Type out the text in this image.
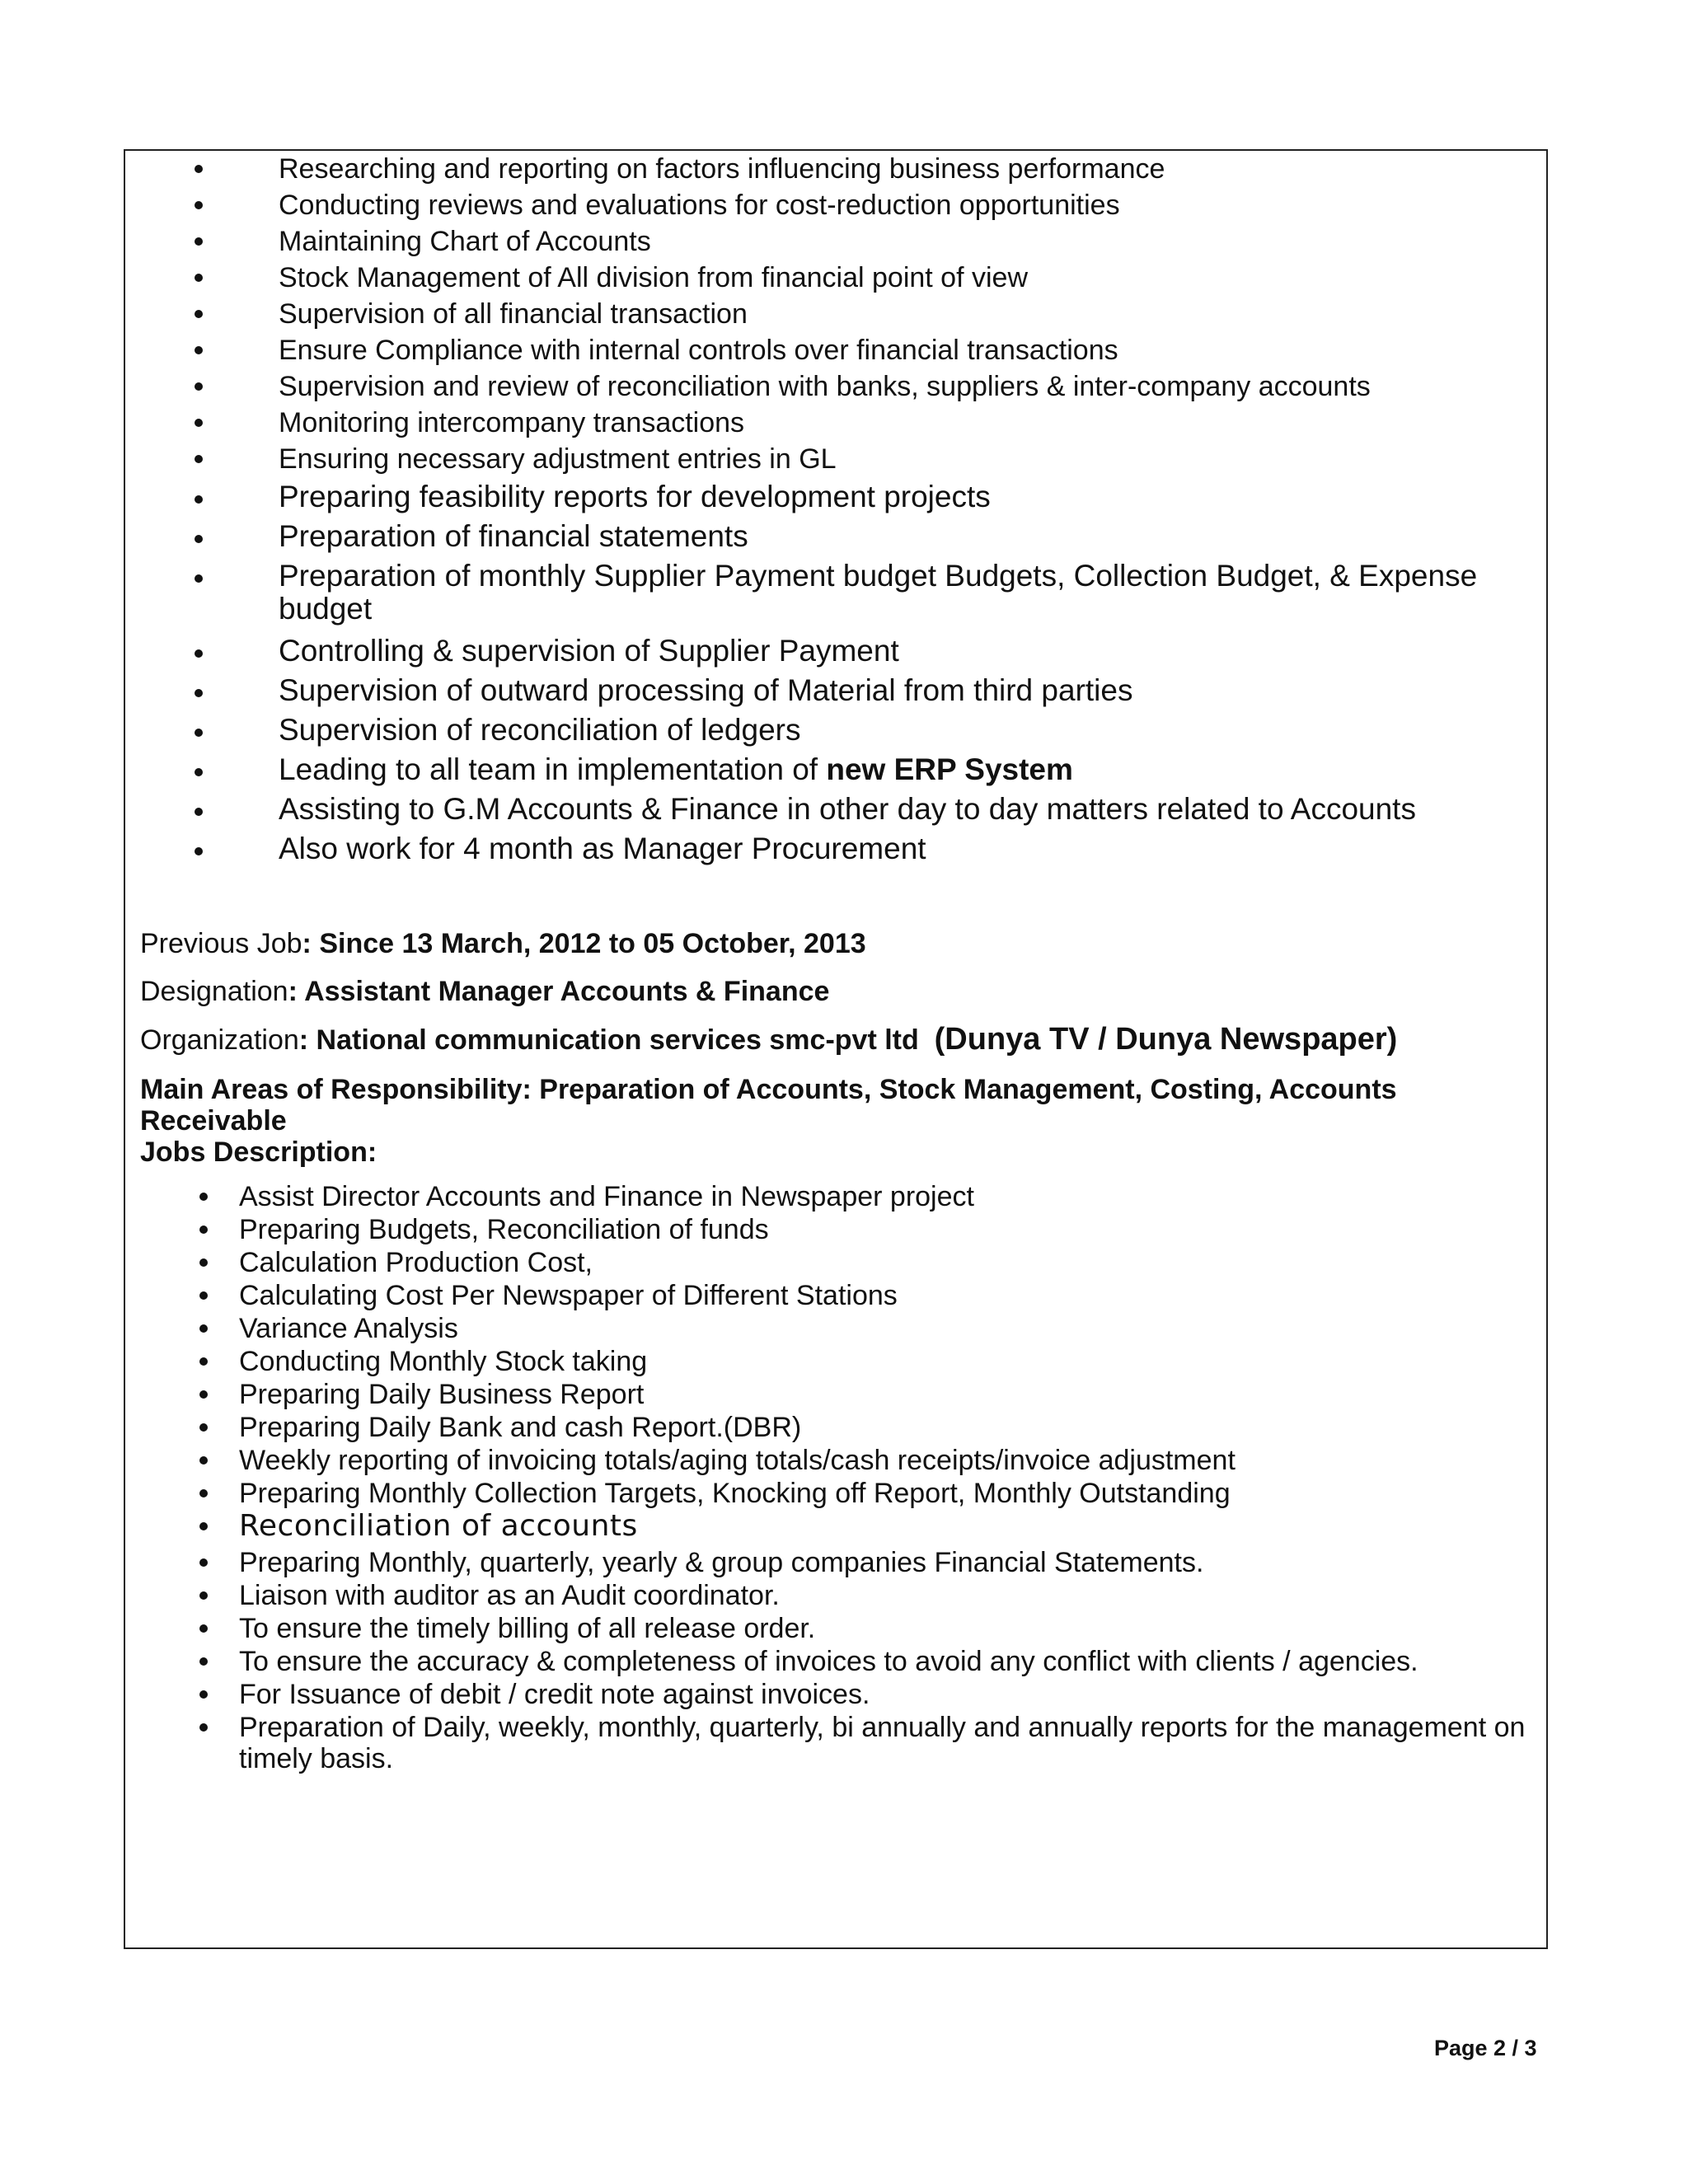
Researching and reporting on factors influencing business performance
Conducting reviews and evaluations for cost-reduction opportunities
Maintaining Chart of Accounts
Stock Management of All division from financial point of view
Supervision of all financial transaction
Ensure Compliance with internal controls over financial transactions
Supervision and review of reconciliation with banks, suppliers & inter-company accounts
Monitoring intercompany transactions
Ensuring necessary adjustment entries in GL
Preparing feasibility reports for development projects
Preparation of financial statements
Preparation of monthly Supplier Payment budget Budgets, Collection Budget, & Expense budget
Controlling & supervision of Supplier Payment
Supervision of outward processing of Material from third parties
Supervision of reconciliation of ledgers
Leading to all team in implementation of new ERP System
Assisting to G.M Accounts & Finance in other day to day matters related to Accounts
Also work for 4 month as Manager Procurement
Previous Job: Since 13 March, 2012 to 05 October, 2013
Designation: Assistant Manager Accounts & Finance
Organization: National communication services smc-pvt ltd (Dunya TV / Dunya Newspaper)
Main Areas of Responsibility: Preparation of Accounts, Stock Management, Costing, Accounts Receivable
Jobs Description:
Assist Director Accounts and Finance in Newspaper project
Preparing Budgets, Reconciliation of funds
Calculation Production Cost,
Calculating Cost Per Newspaper of Different Stations
Variance Analysis
Conducting Monthly Stock taking
Preparing Daily Business Report
Preparing Daily Bank and cash Report.(DBR)
Weekly reporting of invoicing totals/aging totals/cash receipts/invoice adjustment
Preparing Monthly Collection Targets, Knocking off Report, Monthly Outstanding
Reconciliation of accounts
Preparing Monthly, quarterly, yearly & group companies Financial Statements.
Liaison with auditor as an Audit coordinator.
To ensure the timely billing of all release order.
To ensure the accuracy & completeness of invoices to avoid any conflict with clients / agencies.
For Issuance of debit / credit note against invoices.
Preparation of Daily, weekly, monthly, quarterly, bi annually and annually reports for the management on timely basis.
Page 2 / 3
